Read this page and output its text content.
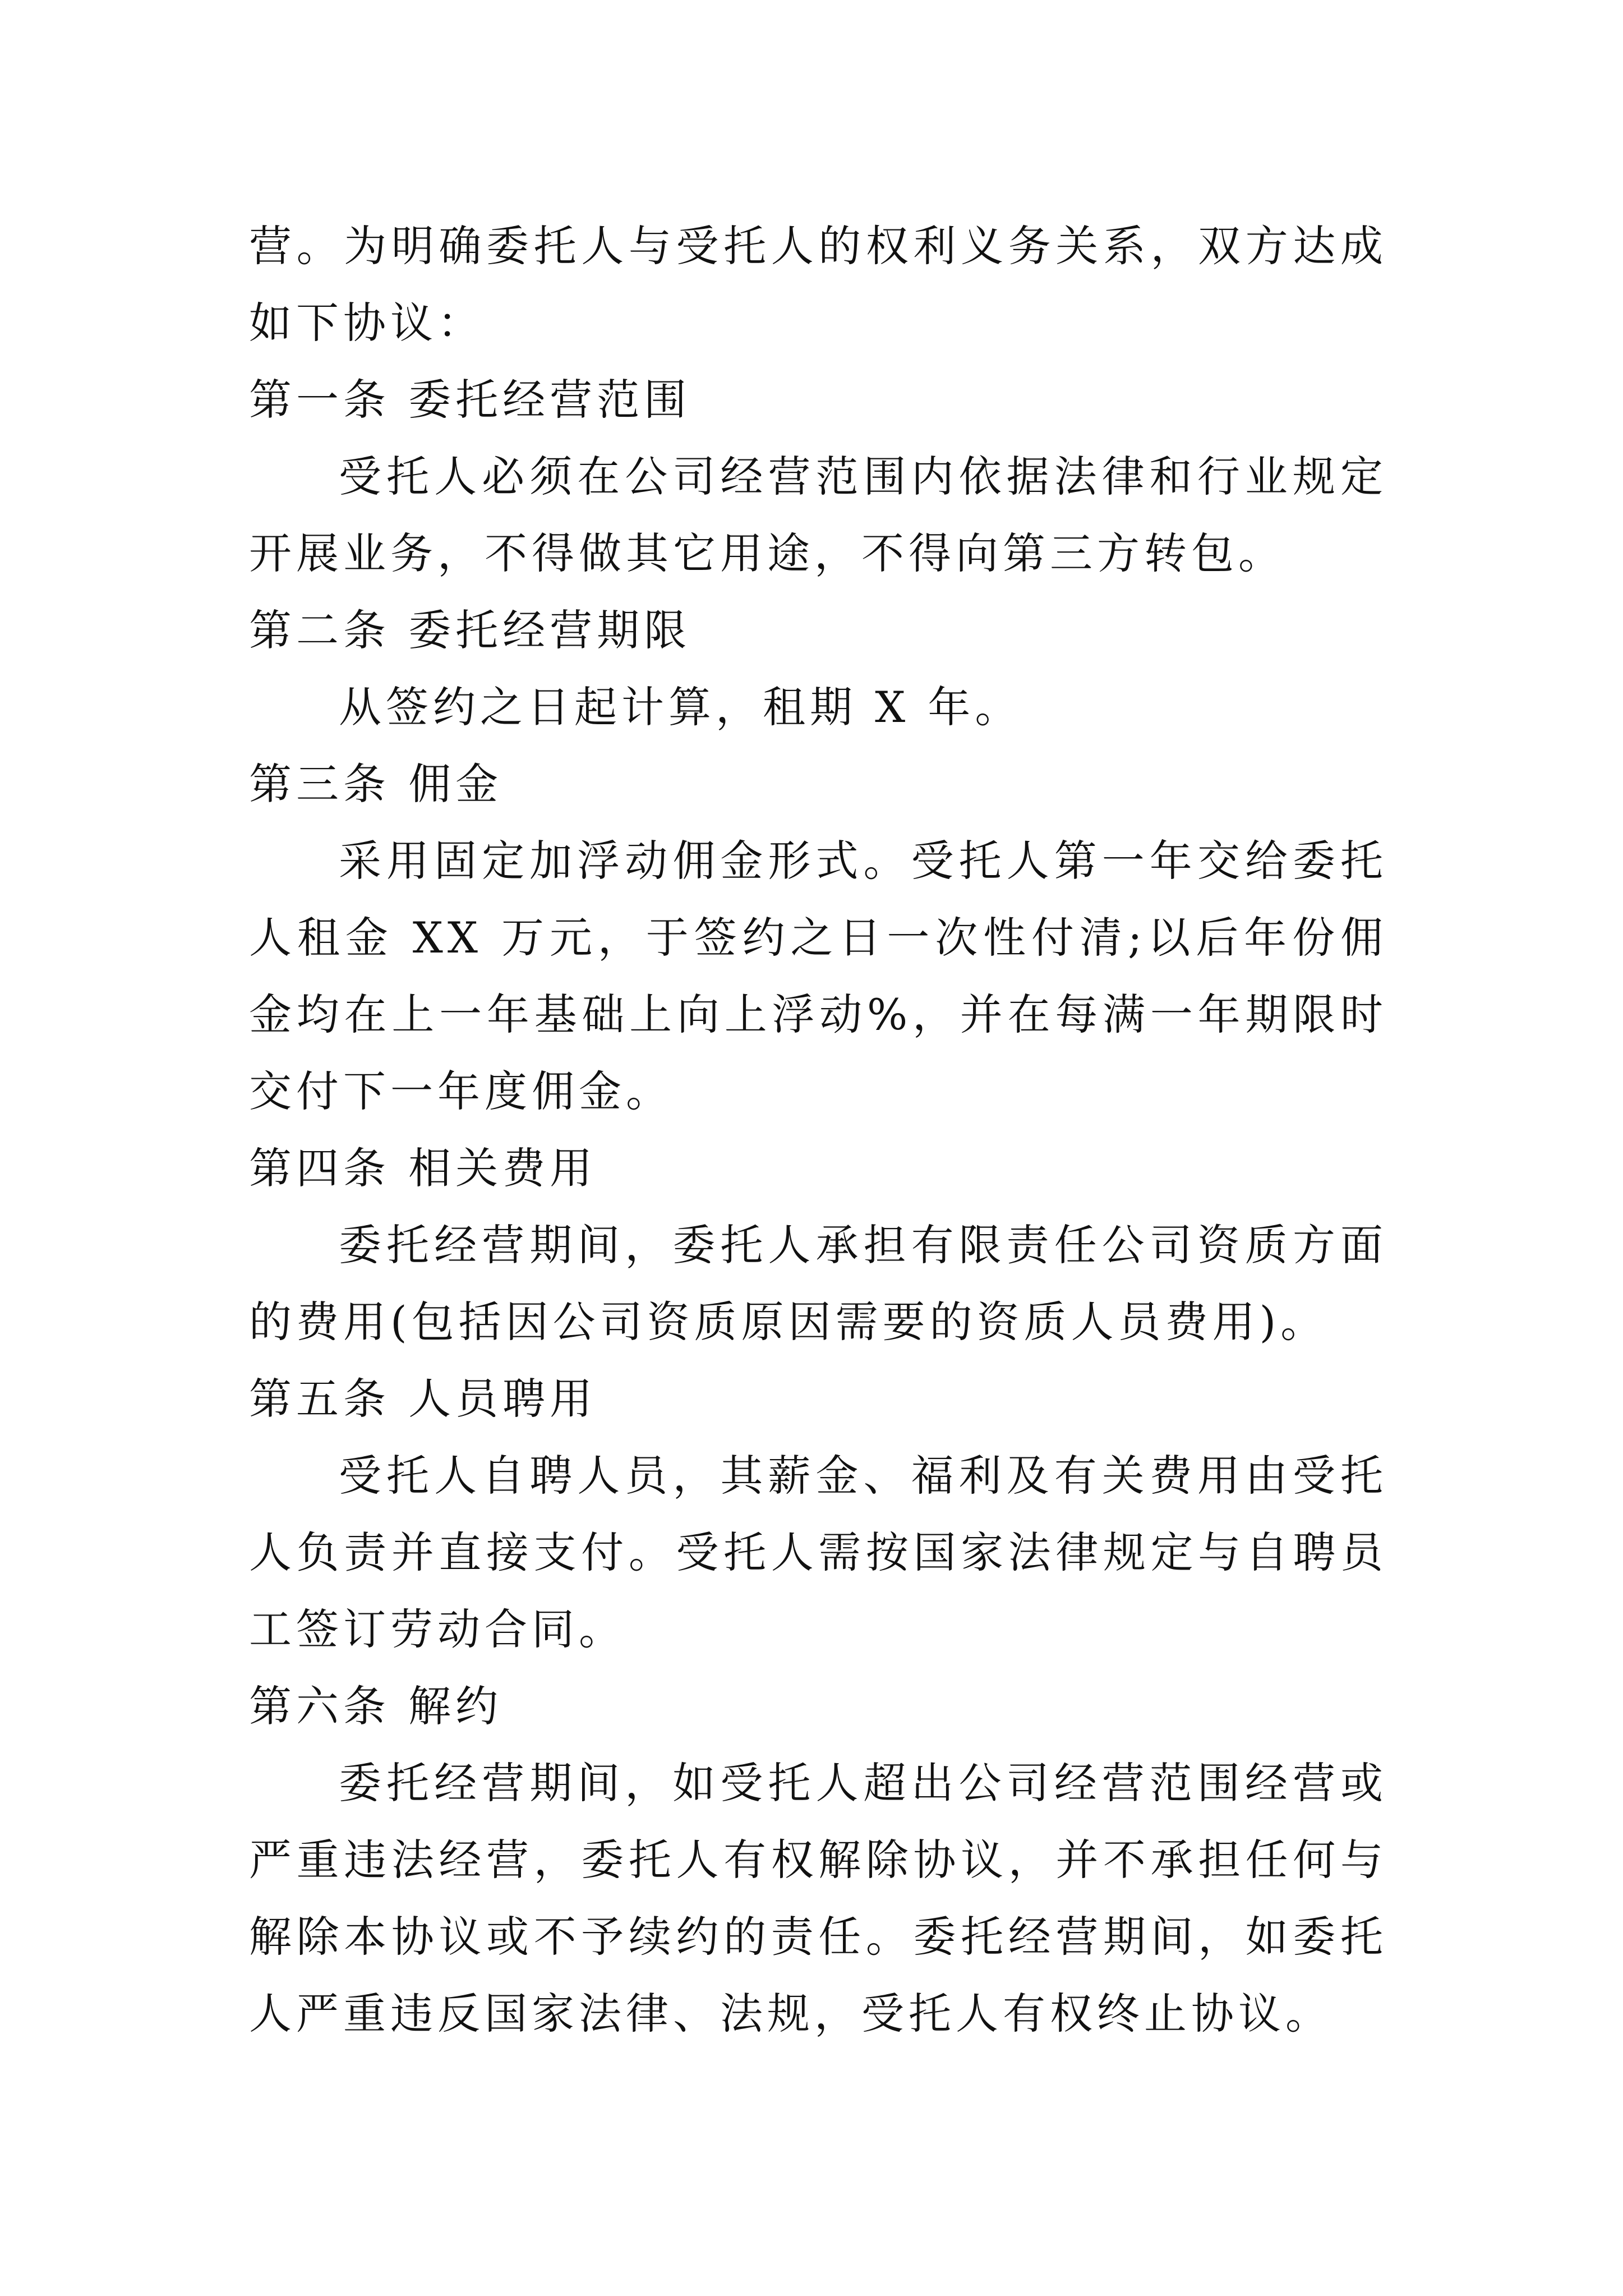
营。为明确委托人与受托人的权利义务关系，双方达成如下协议：

第一条 委托经营范围

受托人必须在公司经营范围内依据法律和行业规定开展业务，不得做其它用途，不得向第三方转包。

第二条 委托经营期限

从签约之日起计算，租期 X 年。

第三条 佣金

采用固定加浮动佣金形式。受托人第一年交给委托人租金 XX 万元，于签约之日一次性付清;以后年份佣金均在上一年基础上向上浮动%，并在每满一年期限时交付下一年度佣金。

第四条 相关费用

委托经营期间，委托人承担有限责任公司资质方面的费用(包括因公司资质原因需要的资质人员费用)。

第五条 人员聘用

受托人自聘人员，其薪金、福利及有关费用由受托人负责并直接支付。受托人需按国家法律规定与自聘员工签订劳动合同。

第六条 解约

委托经营期间，如受托人超出公司经营范围经营或严重违法经营，委托人有权解除协议，并不承担任何与解除本协议或不予续约的责任。委托经营期间，如委托人严重违反国家法律、法规，受托人有权终止协议。
